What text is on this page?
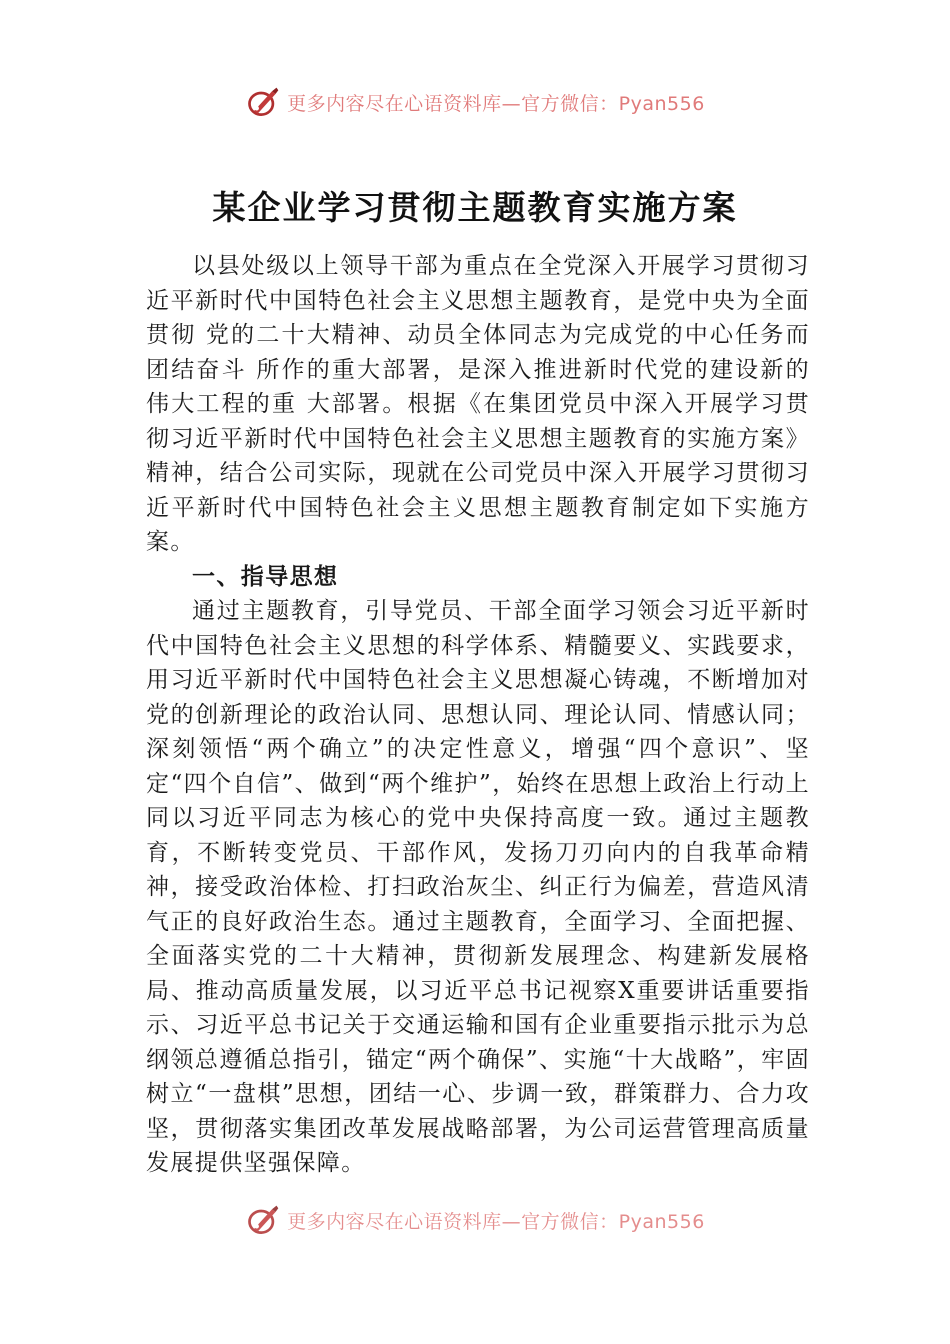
更多内容尽在心语资料库—官方微信：Pyan556
某企业学习贯彻主题教育实施方案

以县处级以上领导干部为重点在全党深入开展学习贯彻习近平新时代中国特色社会主义思想主题教育，是党中央为全面贯彻 党的二十大精神、动员全体同志为完成党的中心任务而团结奋斗 所作的重大部署，是深入推进新时代党的建设新的伟大工程的重 大部署。根据《在集团党员中深入开展学习贯彻习近平新时代中国特色社会主义思想主题教育的实施方案》精神，结合公司实际，现就在公司党员中深入开展学习贯彻习近平新时代中国特色社会主义思想主题教育制定如下实施方案。

一、指导思想

通过主题教育，引导党员、干部全面学习领会习近平新时代中国特色社会主义思想的科学体系、精髓要义、实践要求，用习近平新时代中国特色社会主义思想凝心铸魂，不断增加对党的创新理论的政治认同、思想认同、理论认同、情感认同；深刻领悟“两个确立”的决定性意义，增强“四个意识”、坚定“四个自信”、做到“两个维护”，始终在思想上政治上行动上同以习近平同志为核心的党中央保持高度一致。通过主题教育，不断转变党员、干部作风，发扬刀刃向内的自我革命精神，接受政治体检、打扫政治灰尘、纠正行为偏差，营造风清气正的良好政治生态。通过主题教育，全面学习、全面把握、全面落实党的二十大精神，贯彻新发展理念、构建新发展格局、推动高质量发展，以习近平总书记视察X重要讲话重要指示、习近平总书记关于交通运输和国有企业重要指示批示为总纲领总遵循总指引，锚定“两个确保”、实施“十大战略”，牢固树立“一盘棋”思想，团结一心、步调一致，群策群力、合力攻坚，贯彻落实集团改革发展战略部署，为公司运营管理高质量发展提供坚强保障。

更多内容尽在心语资料库—官方微信：Pyan556
